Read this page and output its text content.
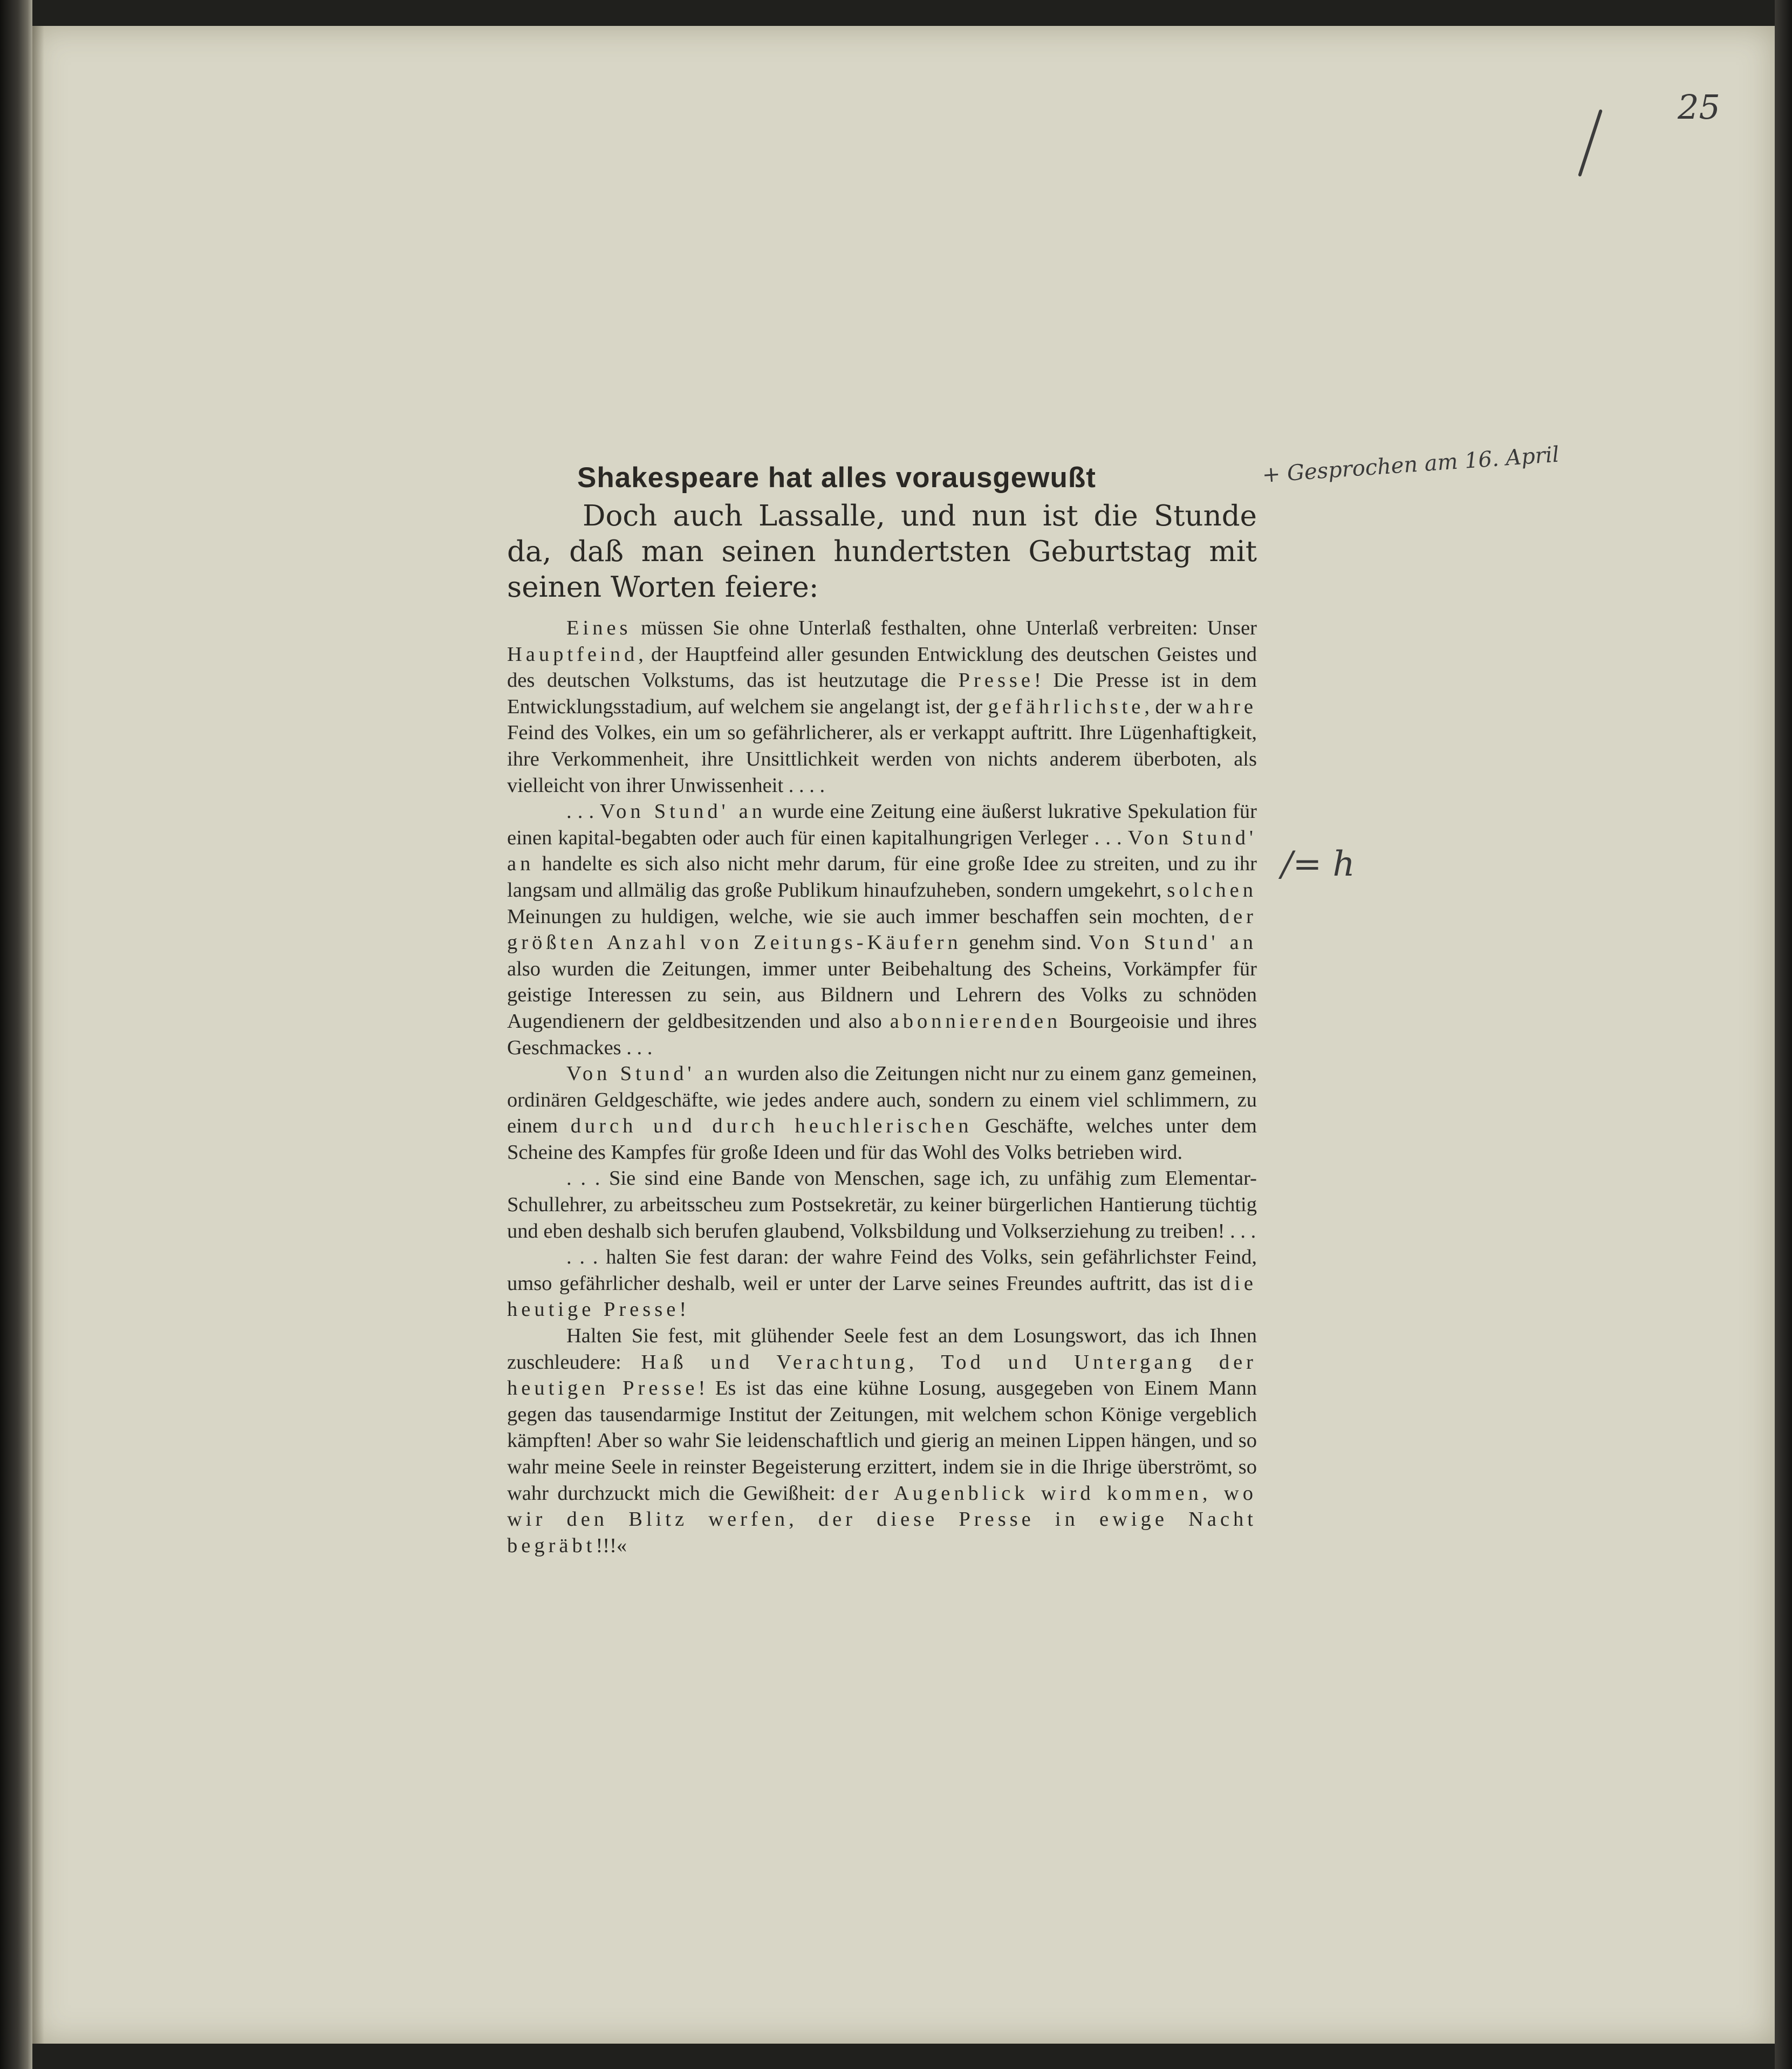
25
+ Gesprochen am 16. April
/= h
Shakespeare hat alles vorausgewußt

Doch auch Lassalle, und nun ist die Stunde da, daß man seinen hundertsten Geburtstag mit seinen Worten feiere:

Eines müssen Sie ohne Unterlaß festhalten, ohne Unterlaß verbreiten: Unser Hauptfeind, der Hauptfeind aller gesunden Entwicklung des deutschen Geistes und des deutschen Volkstums, das ist heutzutage die Presse! Die Presse ist in dem Entwicklungsstadium, auf welchem sie angelangt ist, der gefährlichste, der wahre Feind des Volkes, ein um so gefährlicherer, als er verkappt auftritt. Ihre Lügenhaftigkeit, ihre Verkommenheit, ihre Unsittlichkeit werden von nichts anderem überboten, als vielleicht von ihrer Unwissenheit . . . .

. . . Von Stund' an wurde eine Zeitung eine äußerst lukrative Spekulation für einen kapital-begabten oder auch für einen kapitalhungrigen Verleger . . . Von Stund' an handelte es sich also nicht mehr darum, für eine große Idee zu streiten, und zu ihr langsam und allmälig das große Publikum hinaufzuheben, sondern umgekehrt, solchen Meinungen zu huldigen, welche, wie sie auch immer beschaffen sein mochten, der größten Anzahl von Zeitungs-Käufern genehm sind. Von Stund' an also wurden die Zeitungen, immer unter Beibehaltung des Scheins, Vorkämpfer für geistige Interessen zu sein, aus Bildnern und Lehrern des Volks zu schnöden Augendienern der geldbesitzenden und also abonnierenden Bourgeoisie und ihres Geschmackes . . .

Von Stund' an wurden also die Zeitungen nicht nur zu einem ganz gemeinen, ordinären Geldgeschäfte, wie jedes andere auch, sondern zu einem viel schlimmern, zu einem durch und durch heuchlerischen Geschäfte, welches unter dem Scheine des Kampfes für große Ideen und für das Wohl des Volks betrieben wird.

. . . Sie sind eine Bande von Menschen, sage ich, zu unfähig zum Elementar-Schullehrer, zu arbeitsscheu zum Postsekretär, zu keiner bürgerlichen Hantierung tüchtig und eben deshalb sich berufen glaubend, Volksbildung und Volkserziehung zu treiben! . . .

. . . halten Sie fest daran: der wahre Feind des Volks, sein gefährlichster Feind, umso gefährlicher deshalb, weil er unter der Larve seines Freundes auftritt, das ist die heutige Presse!

Halten Sie fest, mit glühender Seele fest an dem Losungswort, das ich Ihnen zuschleudere: Haß und Verachtung, Tod und Untergang der heutigen Presse! Es ist das eine kühne Losung, ausgegeben von Einem Mann gegen das tausendarmige Institut der Zeitungen, mit welchem schon Könige vergeblich kämpften! Aber so wahr Sie leidenschaftlich und gierig an meinen Lippen hängen, und so wahr meine Seele in reinster Begeisterung erzittert, indem sie in die Ihrige überströmt, so wahr durchzuckt mich die Gewißheit: der Augenblick wird kommen, wo wir den Blitz werfen, der diese Presse in ewige Nacht begräbt!!!«
